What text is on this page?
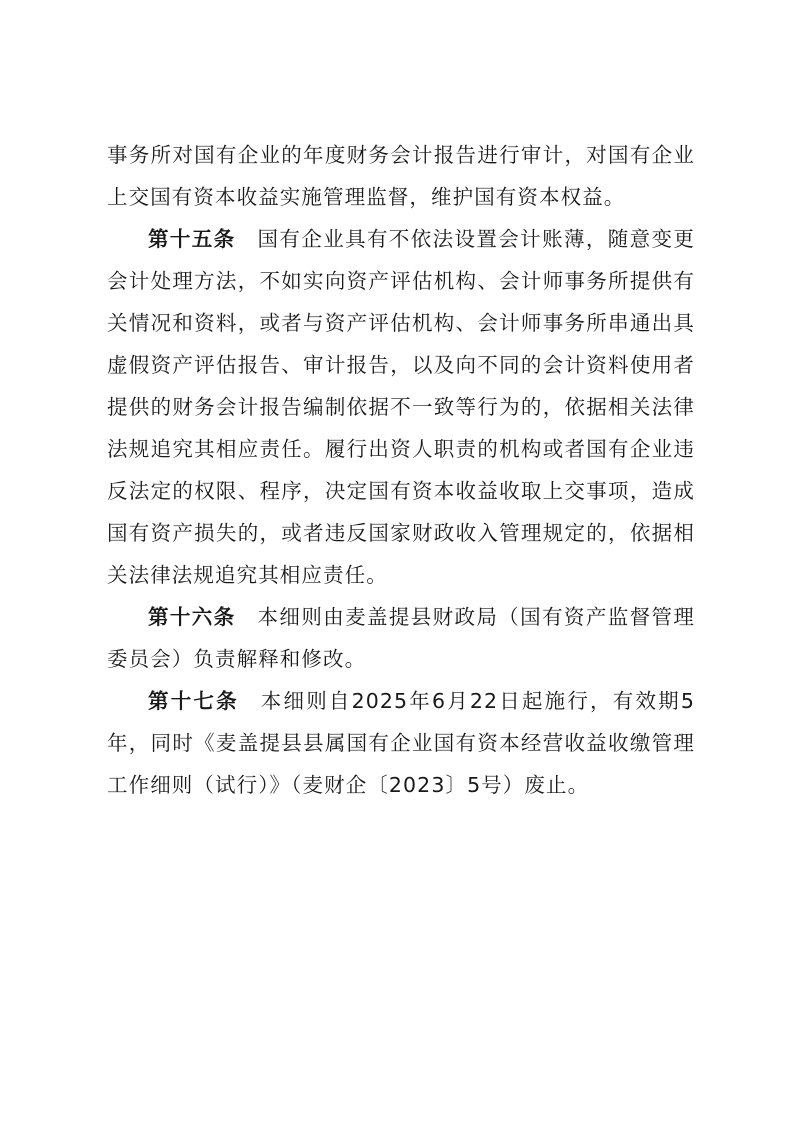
事务所对国有企业的年度财务会计报告进行审计，对国有企业上交国有资本收益实施管理监督，维护国有资本权益。

第十五条 国有企业具有不依法设置会计账薄，随意变更会计处理方法，不如实向资产评估机构、会计师事务所提供有关情况和资料，或者与资产评估机构、会计师事务所串通出具虚假资产评估报告、审计报告，以及向不同的会计资料使用者提供的财务会计报告编制依据不一致等行为的，依据相关法律法规追究其相应责任。履行出资人职责的机构或者国有企业违反法定的权限、程序，决定国有资本收益收取上交事项，造成国有资产损失的，或者违反国家财政收入管理规定的，依据相关法律法规追究其相应责任。

第十六条 本细则由麦盖提县财政局（国有资产监督管理委员会）负责解释和修改。

第十七条 本细则自2025年6月22日起施行，有效期5年，同时《麦盖提县县属国有企业国有资本经营收益收缴管理工作细则（试行）》（麦财企〔2023〕5号）废止。
